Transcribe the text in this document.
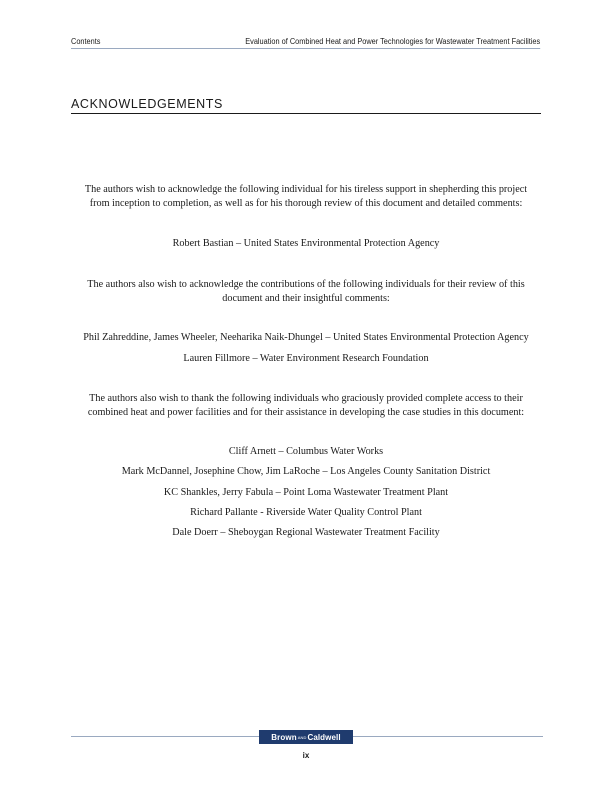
Contents	Evaluation of Combined Heat and Power Technologies for Wastewater Treatment Facilities
ACKNOWLEDGEMENTS
The authors wish to acknowledge the following individual for his tireless support in shepherding this project
from inception to completion, as well as for his thorough review of this document and detailed comments:
Robert Bastian – United States Environmental Protection Agency
The authors also wish to acknowledge the contributions of the following individuals for their review of this
document and their insightful comments:
Phil Zahreddine, James Wheeler, Neeharika Naik-Dhungel – United States Environmental Protection Agency
Lauren Fillmore – Water Environment Research Foundation
The authors also wish to thank the following individuals who graciously provided complete access to their
combined heat and power facilities and for their assistance in developing the case studies in this document:
Cliff Arnett – Columbus Water Works
Mark McDannel, Josephine Chow, Jim LaRoche – Los Angeles County Sanitation District
KC Shankles, Jerry Fabula – Point Loma Wastewater Treatment Plant
Richard Pallante - Riverside Water Quality Control Plant
Dale Doerr – Sheboygan Regional Wastewater Treatment Facility
Brown AND Caldwell
ix
